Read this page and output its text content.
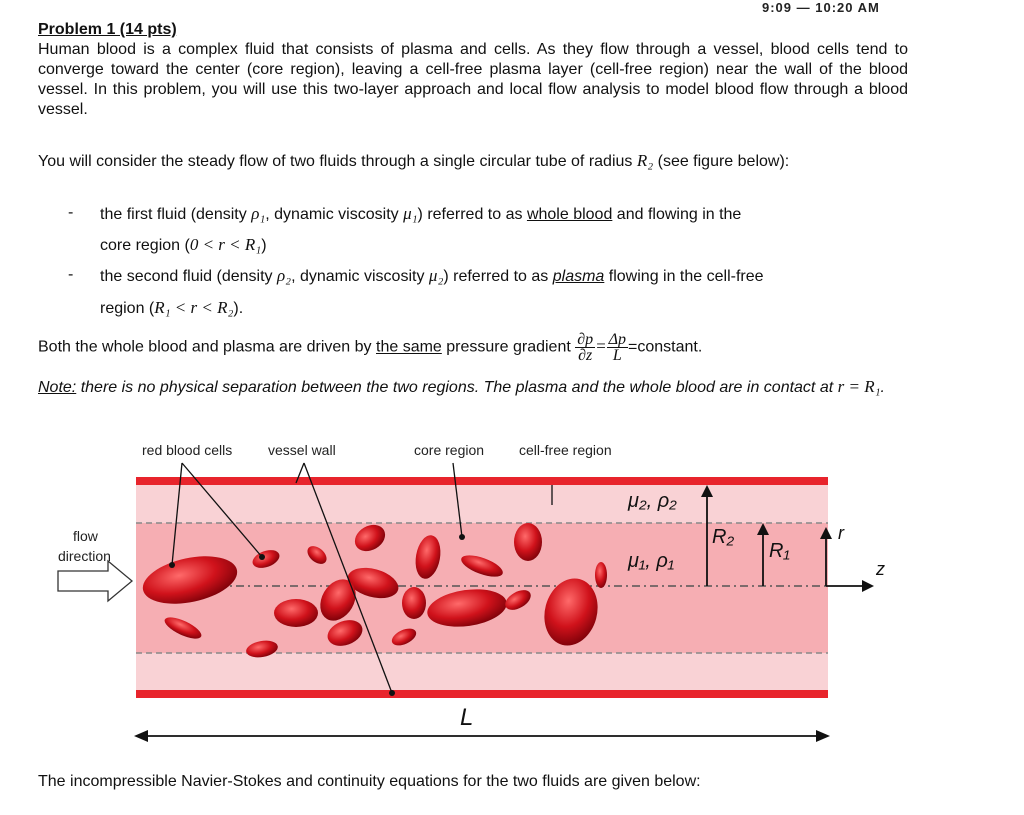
9:09 — 10:20 AM
Problem 1 (14 pts)

Human blood is a complex fluid that consists of plasma and cells. As they flow through a vessel, blood cells tend to converge toward the center (core region), leaving a cell-free plasma layer (cell-free region) near the wall of the blood vessel. In this problem, you will use this two-layer approach and local flow analysis to model blood flow through a blood vessel.

You will consider the steady flow of two fluids through a single circular tube of radius R₂ (see figure below):

- the first fluid (density ρ₁, dynamic viscosity μ₁) referred to as whole blood and flowing in the
core region (0 < r < R₁)
- the second fluid (density ρ₂, dynamic viscosity μ₂) referred to as plasma flowing in the cell-free
region (R₁ < r < R₂).
Both the whole blood and plasma are driven by the same pressure gradient $\frac{\partial p}{\partial z} = \frac{\Delta p}{L}$ =constant.

Note: there is no physical separation between the two regions. The plasma and the whole blood are in contact at r = R₁.

red blood cells	vessel wall	core region cell-free region
flow
direction
μ₂, ρ₂
μ₁, ρ₁
R₂
R₁
r
z
L

The incompressible Navier-Stokes and continuity equations for the two fluids are given below:
